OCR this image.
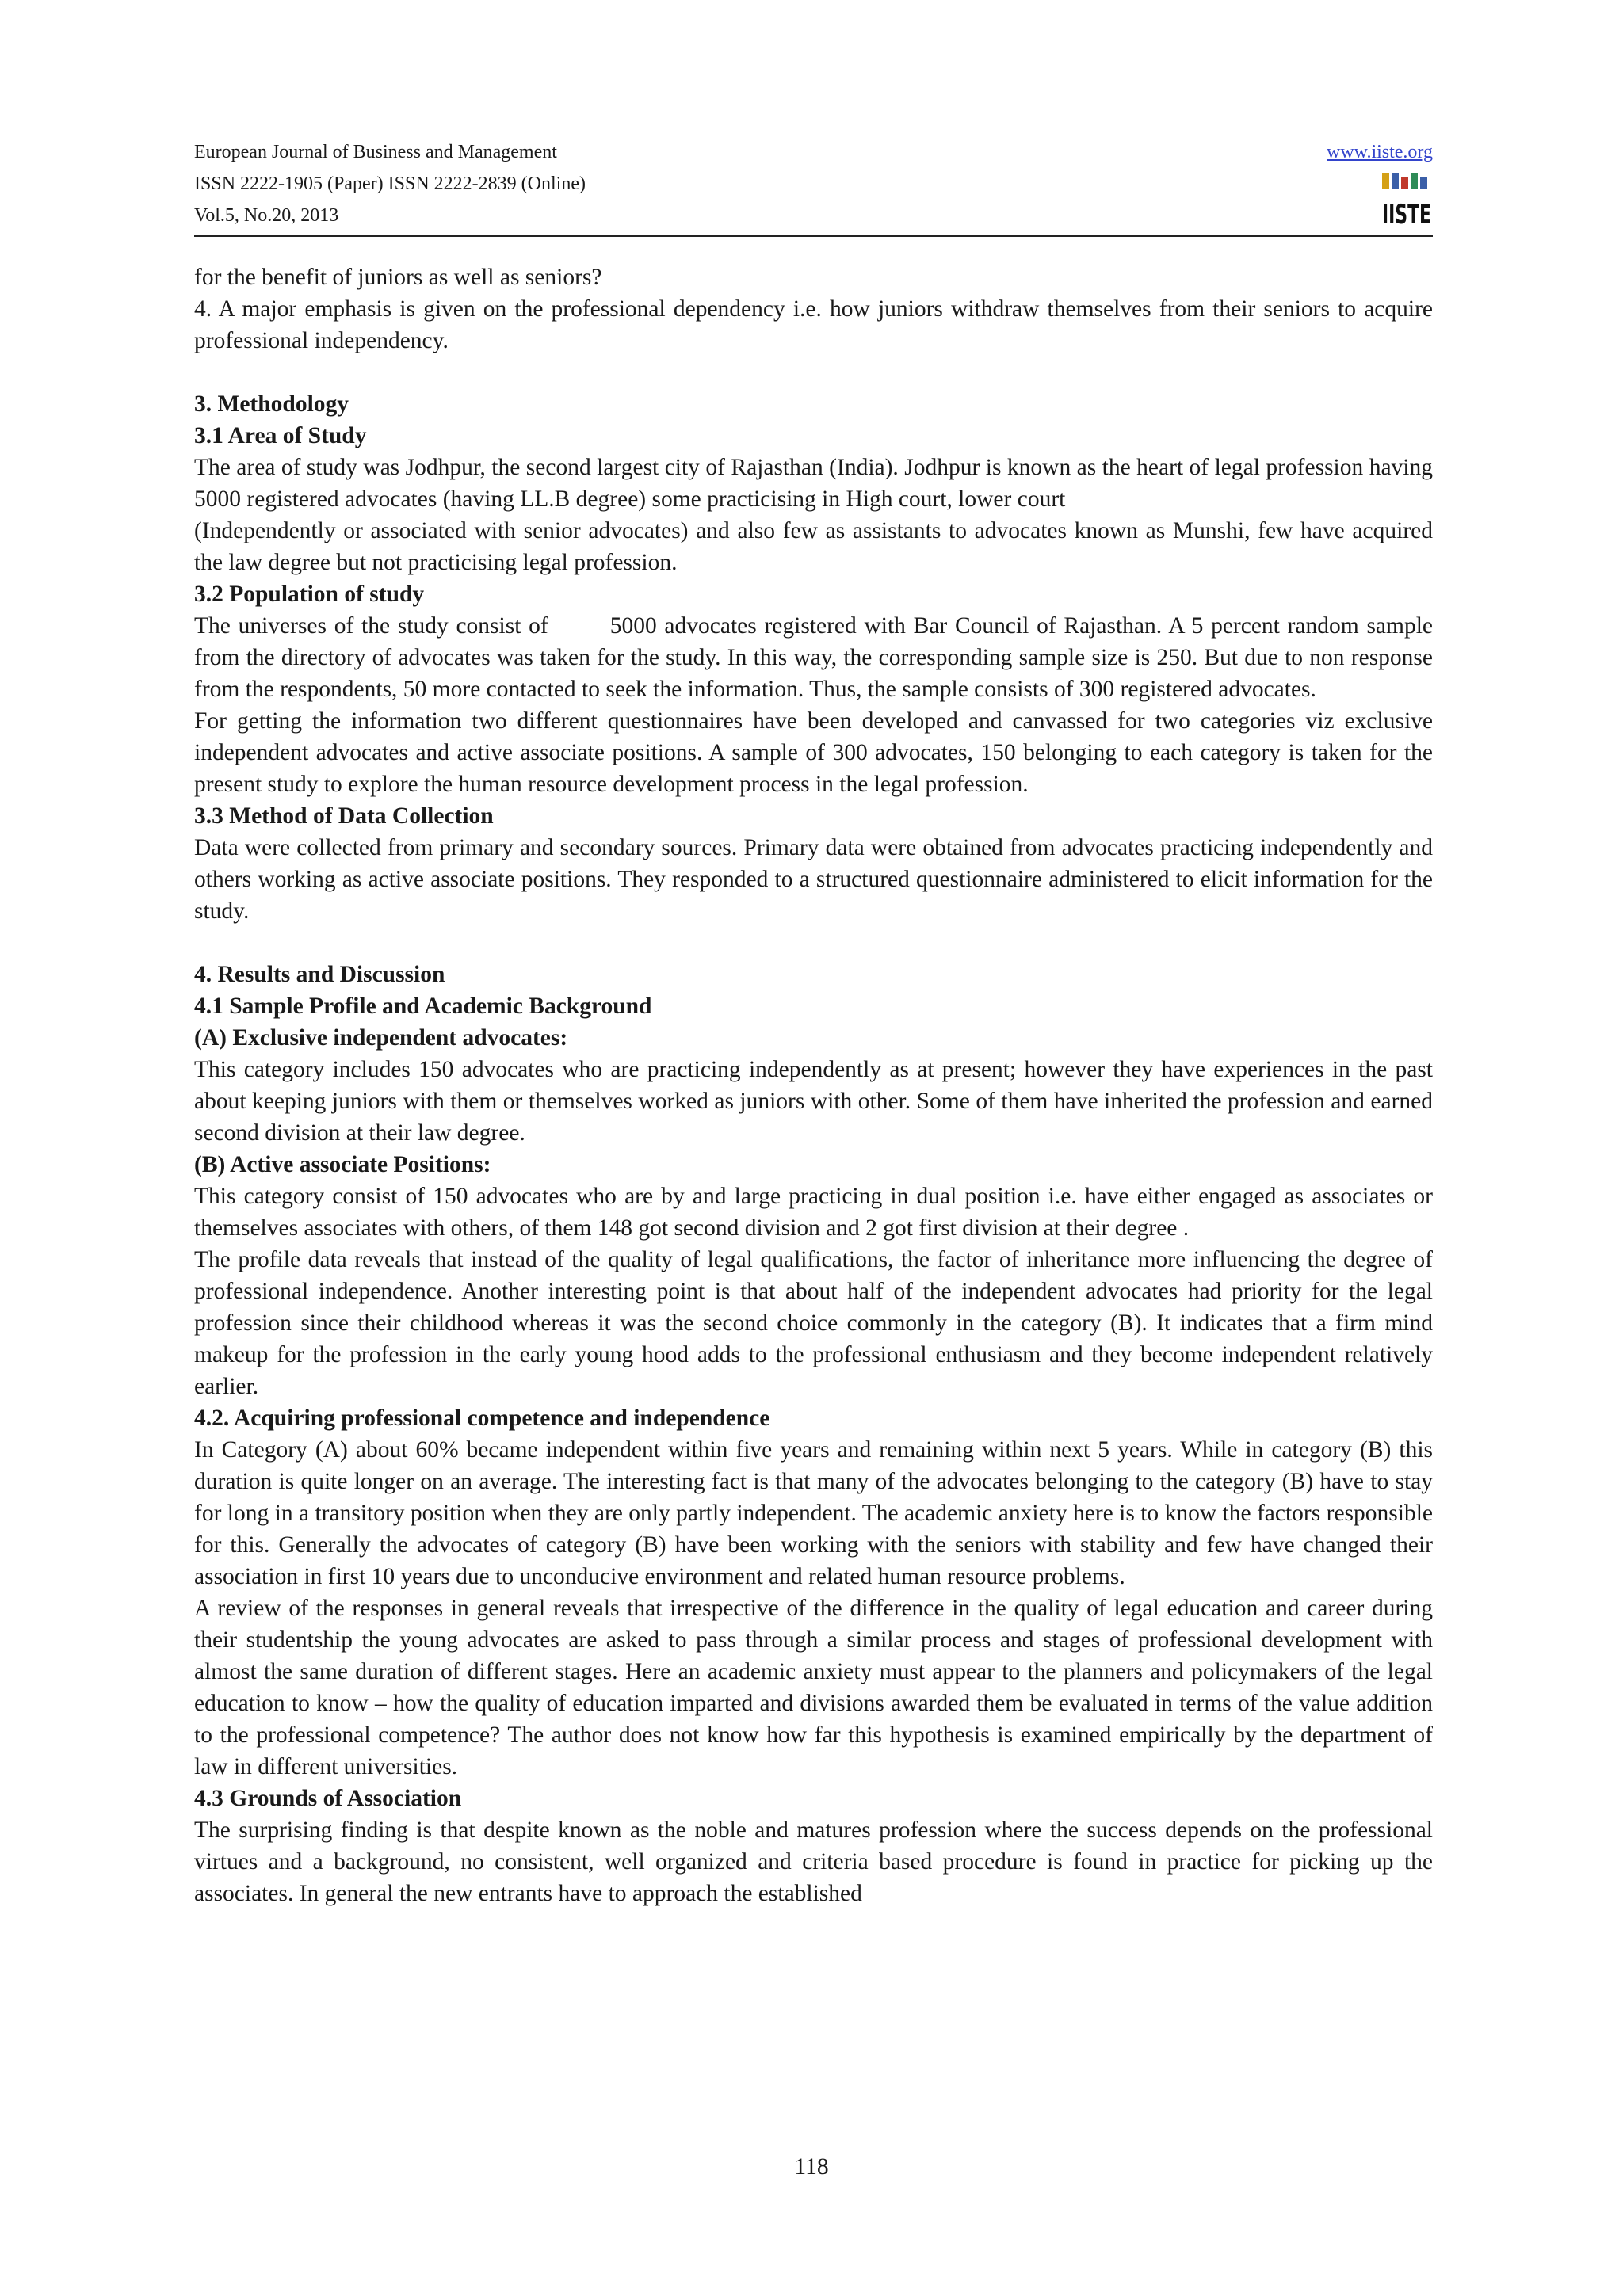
European Journal of Business and Management
ISSN 2222-1905 (Paper) ISSN 2222-2839 (Online)
Vol.5, No.20, 2013
www.iiste.org
IISTE

for the benefit of juniors as well as seniors?

4. A major emphasis is given on the professional dependency i.e. how juniors withdraw themselves from their seniors to acquire professional independency.

3. Methodology
3.1 Area of Study

The area of study was Jodhpur, the second largest city of Rajasthan (India). Jodhpur is known as the heart of legal profession having 5000 registered advocates (having LL.B degree) some practicising in High court, lower court

(Independently or associated with senior advocates) and also few as assistants to advocates known as Munshi, few have acquired the law degree but not practicising legal profession.

3.2 Population of study

The universes of the study consist of	5000 advocates registered with Bar Council of Rajasthan. A 5 percent random sample from the directory of advocates was taken for the study. In this way, the corresponding sample size is 250. But due to non response from the respondents, 50 more contacted to seek the information. Thus, the sample consists of 300 registered advocates.

For getting the information two different questionnaires have been developed and canvassed for two categories viz exclusive independent advocates and active associate positions. A sample of 300 advocates, 150 belonging to each category is taken for the present study to explore the human resource development process in the legal profession.

3.3 Method of Data Collection

Data were collected from primary and secondary sources. Primary data were obtained from advocates practicing independently and others working as active associate positions. They responded to a structured questionnaire administered to elicit information for the study.

4. Results and Discussion
4.1 Sample Profile and Academic Background
(A) Exclusive independent advocates:

This category includes 150 advocates who are practicing independently as at present; however they have experiences in the past about keeping juniors with them or themselves worked as juniors with other. Some of them have inherited the profession and earned second division at their law degree.

(B) Active associate Positions:

This category consist of 150 advocates who are by and large practicing in dual position i.e. have either engaged as associates or themselves associates with others, of them 148 got second division and 2 got first division at their degree .

The profile data reveals that instead of the quality of legal qualifications, the factor of inheritance more influencing the degree of professional independence. Another interesting point is that about half of the independent advocates had priority for the legal profession since their childhood whereas it was the second choice commonly in the category (B). It indicates that a firm mind makeup for the profession in the early young hood adds to the professional enthusiasm and they become independent relatively earlier.

4.2. Acquiring professional competence and independence

In Category (A) about 60% became independent within five years and remaining within next 5 years. While in category (B) this duration is quite longer on an average. The interesting fact is that many of the advocates belonging to the category (B) have to stay for long in a transitory position when they are only partly independent. The academic anxiety here is to know the factors responsible for this. Generally the advocates of category (B) have been working with the seniors with stability and few have changed their association in first 10 years due to unconducive environment and related human resource problems.

A review of the responses in general reveals that irrespective of the difference in the quality of legal education and career during their studentship the young advocates are asked to pass through a similar process and stages of professional development with almost the same duration of different stages. Here an academic anxiety must appear to the planners and policymakers of the legal education to know – how the quality of education imparted and divisions awarded them be evaluated in terms of the value addition to the professional competence? The author does not know how far this hypothesis is examined empirically by the department of law in different universities.

4.3 Grounds of Association

The surprising finding is that despite known as the noble and matures profession where the success depends on the professional virtues and a background, no consistent, well organized and criteria based procedure is found in practice for picking up the associates. In general the new entrants have to approach the established

118
